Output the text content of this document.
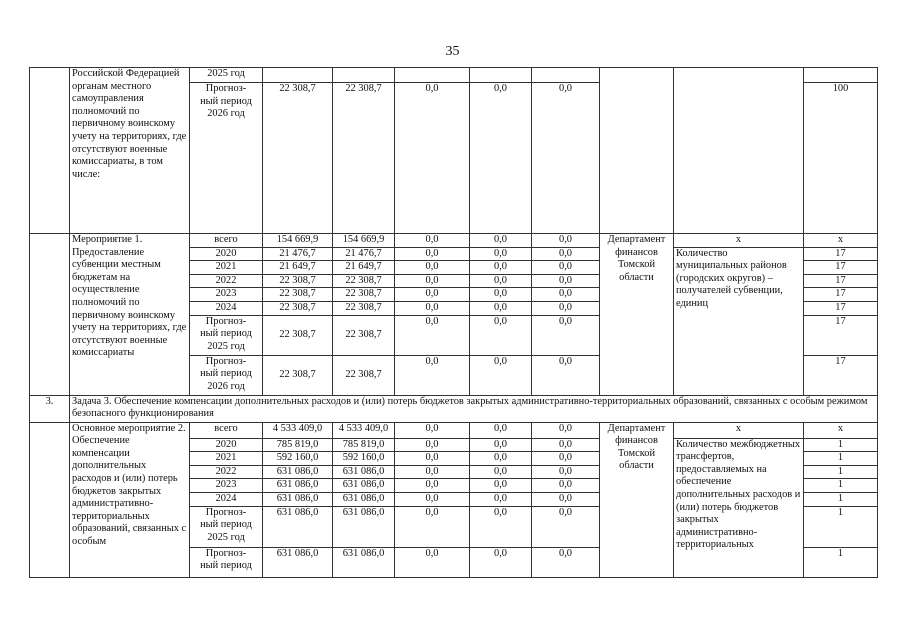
35
	Российской Федерацией органам местного самоуправления полномочий по первичному воинскому учету на территориях, где отсутствуют военные комиссариаты, в том числе:	2025 год								
		Прогноз-
ный период
2026 год	22 308,7	22 308,7	0,0	0,0	0,0			100
	Мероприятие 1. Предоставление субвенции местным бюджетам на осуществление полномочий по первичному воинскому учету на территориях, где отсутствуют военные комиссариаты	всего	154 669,9	154 669,9	0,0	0,0	0,0	Департамент финансов Томской области	х	х
		2020	21 476,7	21 476,7	0,0	0,0	0,0		Количество муниципальных районов (городских округов) – получателей субвенции, единиц	17
		2021	21 649,7	21 649,7	0,0	0,0	0,0			17
		2022	22 308,7	22 308,7	0,0	0,0	0,0			17
		2023	22 308,7	22 308,7	0,0	0,0	0,0			17
		2024	22 308,7	22 308,7	0,0	0,0	0,0			17
		Прогноз-
ный период
2025 год	22 308,7	22 308,7	0,0	0,0	0,0			17
		Прогноз-
ный период
2026 год	22 308,7	22 308,7	0,0	0,0	0,0			17
3.	Задача 3. Обеспечение компенсации дополнительных расходов и (или) потерь бюджетов закрытых административно-территориальных образований, связанных с особым режимом безопасного функционирования									
	Основное мероприятие 2. Обеспечение компенсации дополнительных расходов и (или) потерь бюджетов закрытых административно-территориальных образований, связанных с особым	всего	4 533 409,0	4 533 409,0	0,0	0,0	0,0	Департамент финансов Томской области	х	х
		2020	785 819,0	785 819,0	0,0	0,0	0,0		Количество межбюджетных трансфертов, предоставляемых на обеспечение дополнительных расходов и (или) потерь бюджетов закрытых административно-территориальных	1
		2021	592 160,0	592 160,0	0,0	0,0	0,0			1
		2022	631 086,0	631 086,0	0,0	0,0	0,0			1
		2023	631 086,0	631 086,0	0,0	0,0	0,0			1
		2024	631 086,0	631 086,0	0,0	0,0	0,0			1
		Прогноз-
ный период
2025 год	631 086,0	631 086,0	0,0	0,0	0,0			1
		Прогноз-
ный период	631 086,0	631 086,0	0,0	0,0	0,0			1
